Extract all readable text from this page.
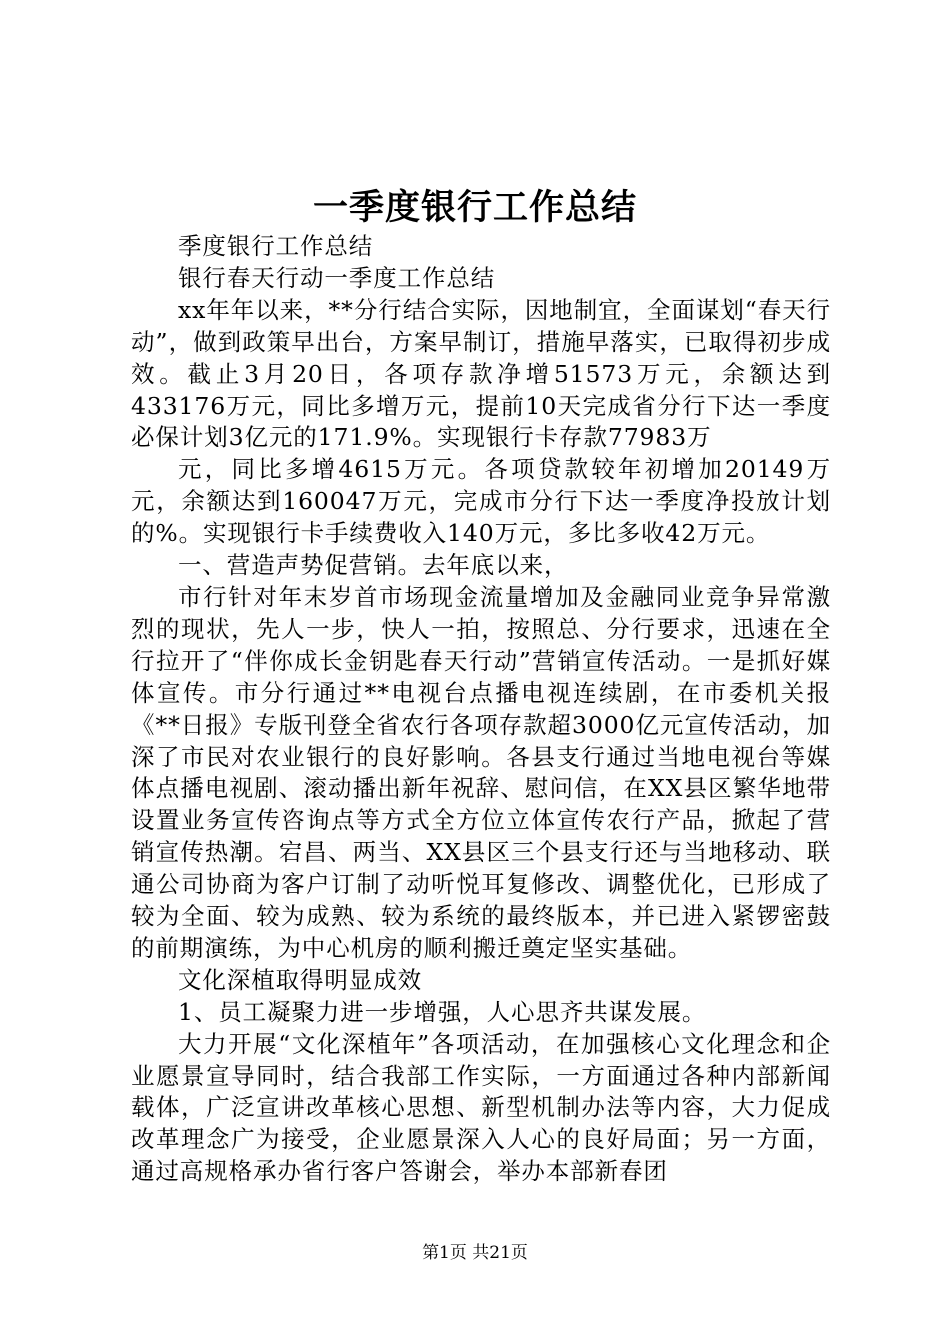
一季度银行工作总结

季度银行工作总结

银行春天行动一季度工作总结

xx年年以来，**分行结合实际，因地制宜，全面谋划“春天行动”，做到政策早出台，方案早制订，措施早落实，已取得初步成效。截止3月20日，各项存款净增51573万元，余额达到433176万元，同比多增万元，提前10天完成省分行下达一季度必保计划3亿元的171.9%。实现银行卡存款77983万

元，同比多增4615万元。各项贷款较年初增加20149万元，余额达到160047万元，完成市分行下达一季度净投放计划的%。实现银行卡手续费收入140万元，多比多收42万元。

一、营造声势促营销。去年底以来，

市行针对年末岁首市场现金流量增加及金融同业竞争异常激烈的现状，先人一步，快人一拍，按照总、分行要求，迅速在全行拉开了“伴你成长金钥匙春天行动”营销宣传活动。一是抓好媒体宣传。市分行通过**电视台点播电视连续剧，在市委机关报《**日报》专版刊登全省农行各项存款超3000亿元宣传活动，加深了市民对农业银行的良好影响。各县支行通过当地电视台等媒体点播电视剧、滚动播出新年祝辞、慰问信，在XX县区繁华地带设置业务宣传咨询点等方式全方位立体宣传农行产品，掀起了营销宣传热潮。宕昌、两当、XX县区三个县支行还与当地移动、联通公司协商为客户订制了动听悦耳复修改、调整优化，已形成了较为全面、较为成熟、较为系统的最终版本，并已进入紧锣密鼓的前期演练，为中心机房的顺利搬迁奠定坚实基础。

文化深植取得明显成效

1、员工凝聚力进一步增强，人心思齐共谋发展。

大力开展“文化深植年”各项活动，在加强核心文化理念和企业愿景宣导同时，结合我部工作实际，一方面通过各种内部新闻载体，广泛宣讲改革核心思想、新型机制办法等内容，大力促成改革理念广为接受，企业愿景深入人心的良好局面；另一方面，通过高规格承办省行客户答谢会，举办本部新春团

第1页 共21页
